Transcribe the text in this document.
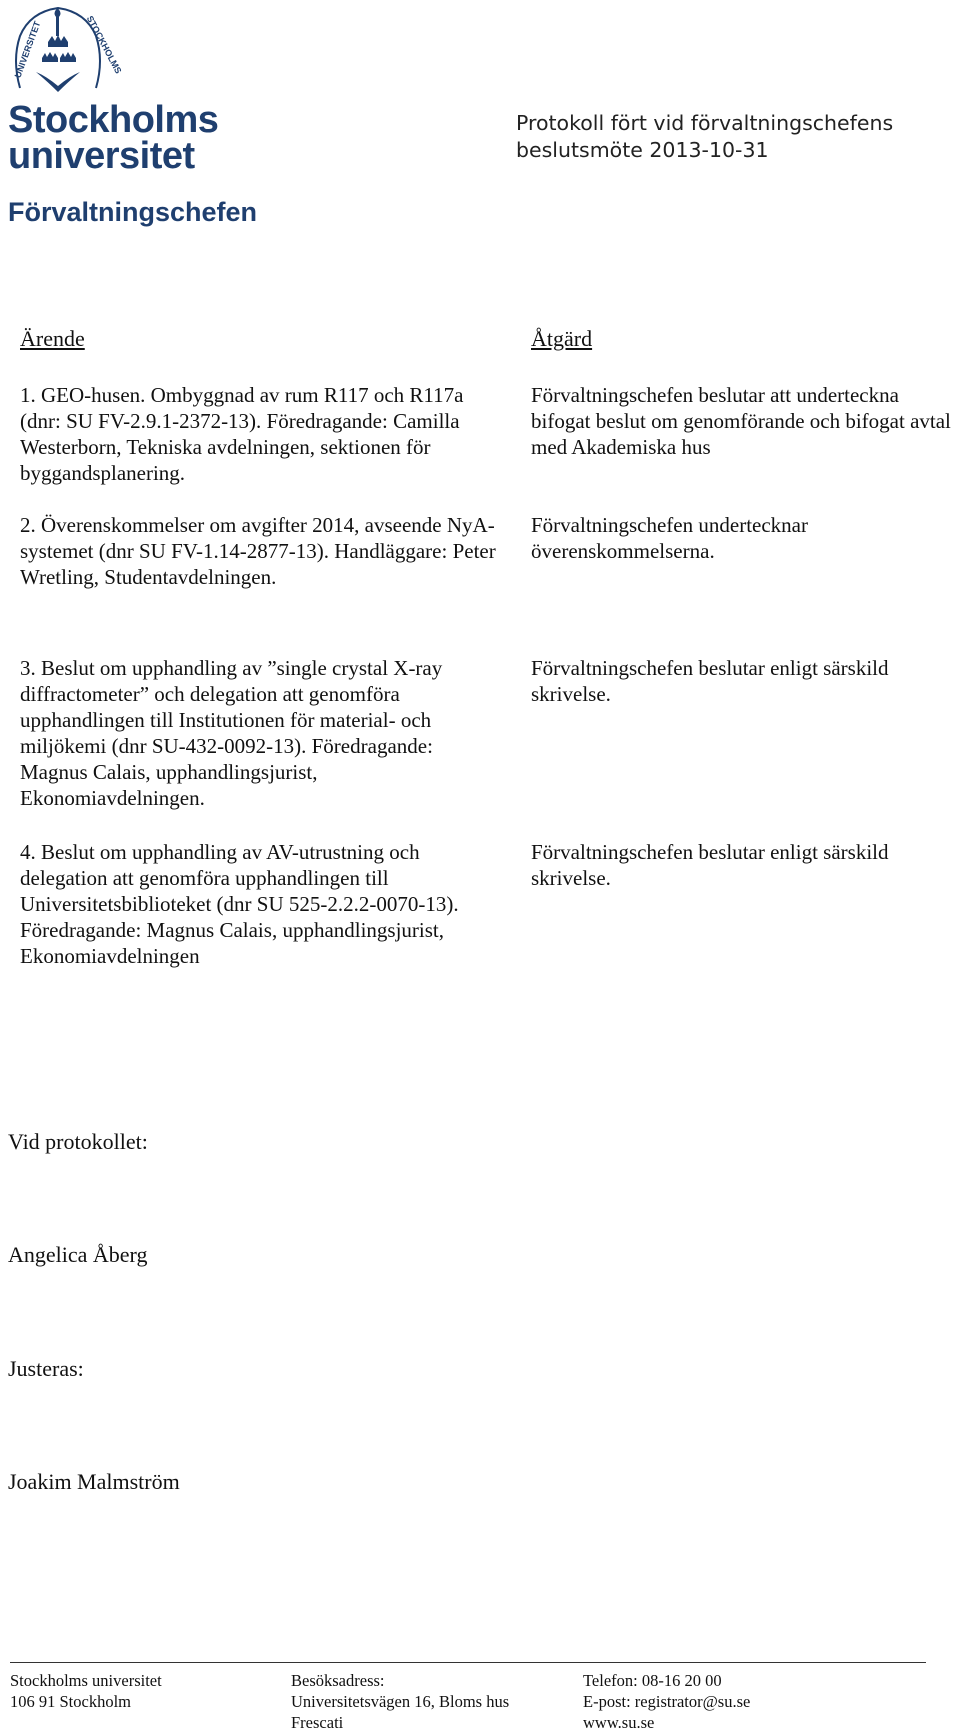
UNIVERSITET	STOCKHOLMS
Stockholms
universitet
Förvaltningschefen
Protokoll fört vid förvaltningschefens
beslutsmöte 2013-10-31
Ärende	Åtgärd
1. GEO-husen. Ombyggnad av rum R117 och R117a (dnr: SU FV-2.9.1-2372-13). Föredragande: Camilla Westerborn, Tekniska avdelningen, sektionen för byggandsplanering.
Förvaltningschefen beslutar att underteckna bifogat beslut om genomförande och bifogat avtal med Akademiska hus
2. Överenskommelser om avgifter 2014, avseende NyA-systemet (dnr SU FV-1.14-2877-13). Handläggare: Peter Wretling, Studentavdelningen.
Förvaltningschefen undertecknar överenskommelserna.
3. Beslut om upphandling av ”single crystal X-ray diffractometer” och delegation att genomföra upphandlingen till Institutionen för material- och miljökemi (dnr SU-432-0092-13). Föredragande: Magnus Calais, upphandlingsjurist, Ekonomiavdelningen.
Förvaltningschefen beslutar enligt särskild skrivelse.
4. Beslut om upphandling av AV-utrustning och delegation att genomföra upphandlingen till Universitetsbiblioteket (dnr SU 525-2.2.2-0070-13). Föredragande: Magnus Calais, upphandlingsjurist, Ekonomiavdelningen
Förvaltningschefen beslutar enligt särskild skrivelse.
Vid protokollet:
Angelica Åberg
Justeras:
Joakim Malmström
Stockholms universitet
106 91 Stockholm
Besöksadress:
Universitetsvägen 16, Bloms hus
Frescati
Telefon: 08-16 20 00
E-post: registrator@su.se
www.su.se
